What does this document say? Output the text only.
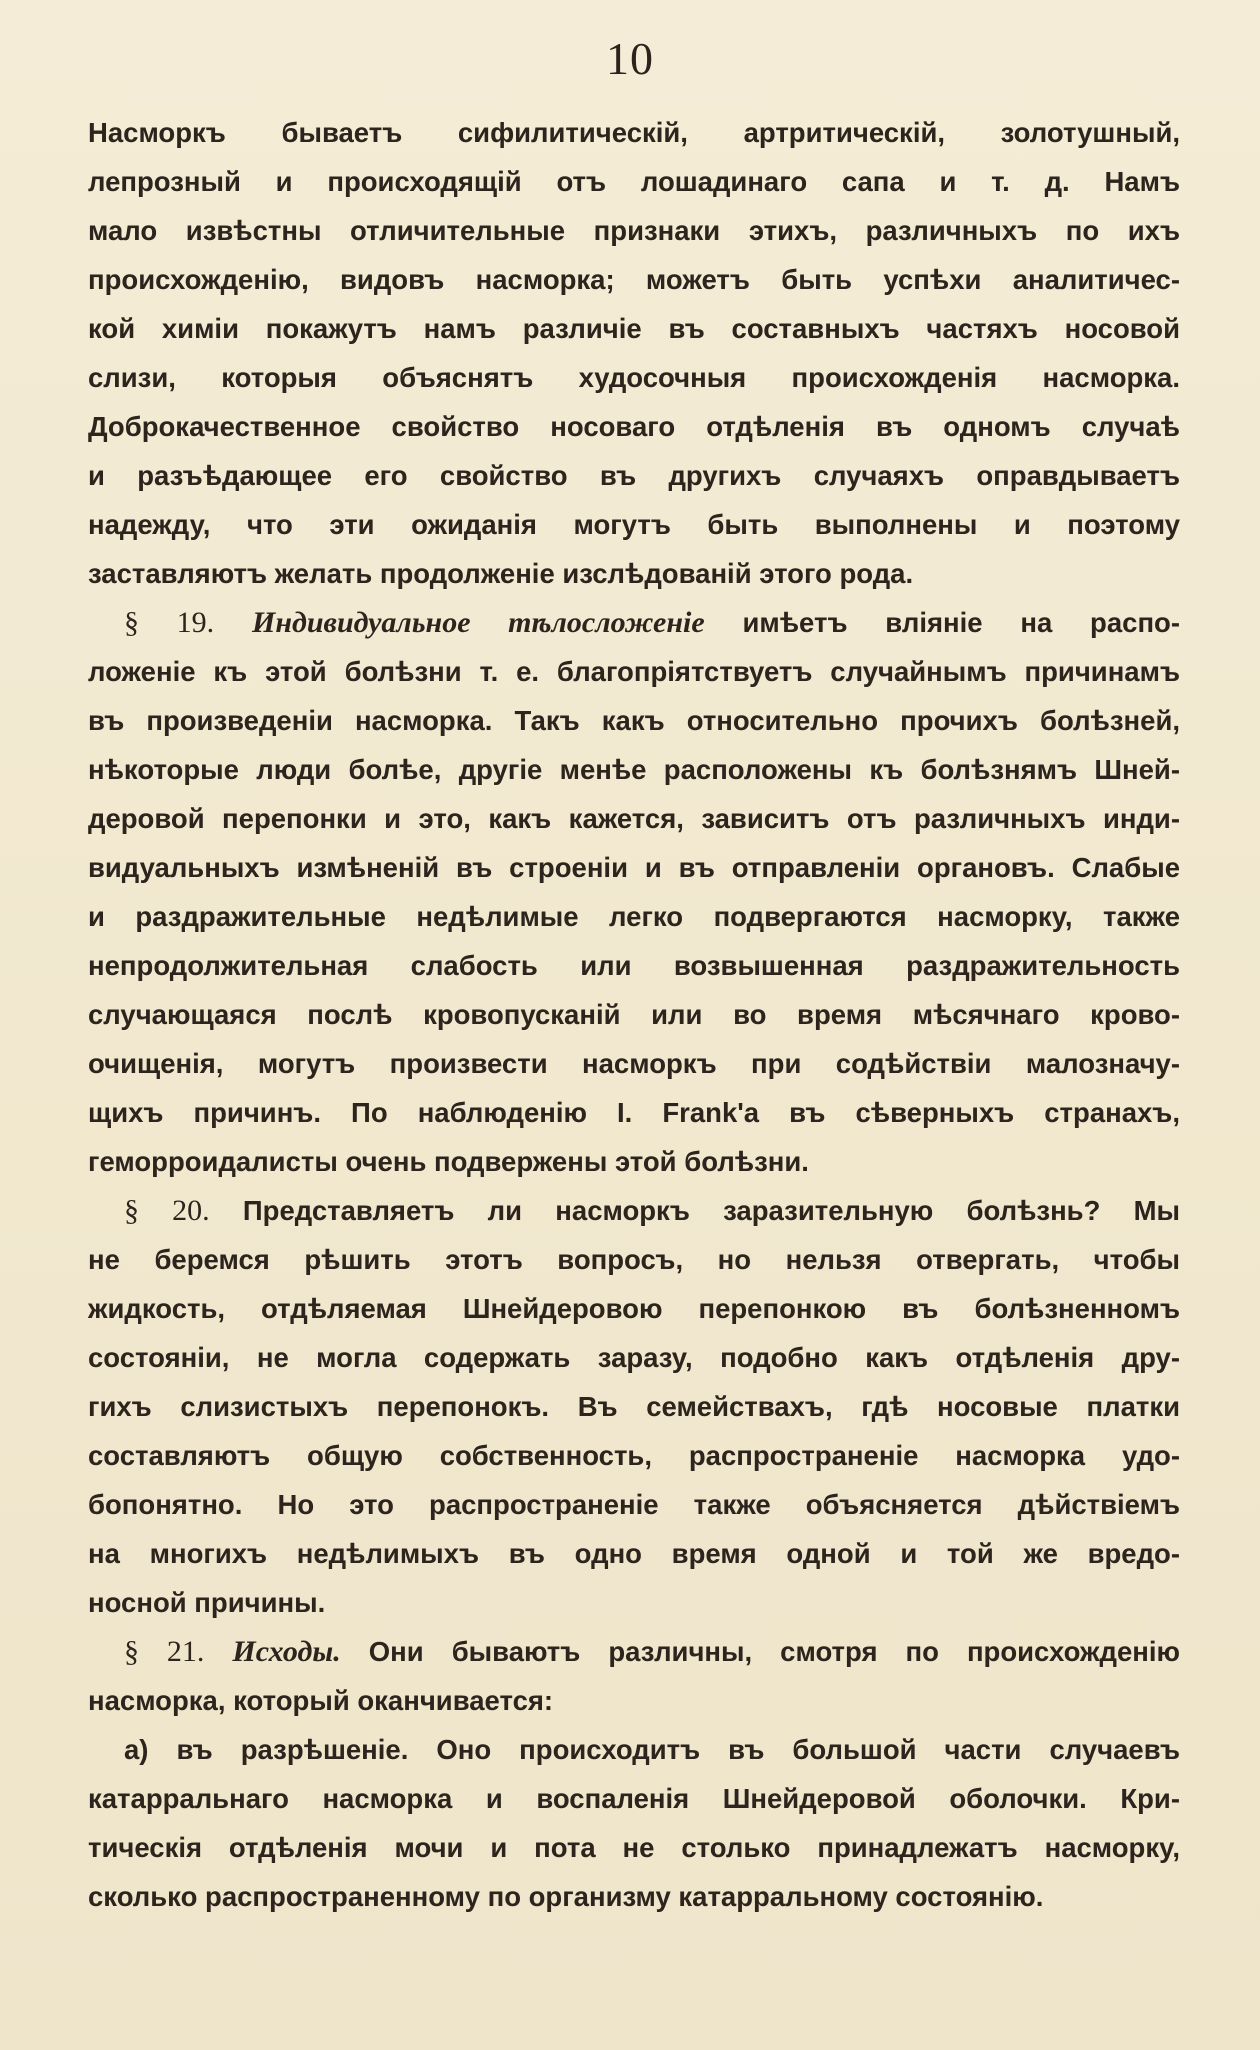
10
Насморкъ бываетъ сифилитическій, артритическій, золотушный,
лепрозный и происходящій отъ лошадинаго сапа и т. д. Намъ
мало извѣстны отличительные признаки этихъ, различныхъ по ихъ
происхожденію, видовъ насморка; можетъ быть успѣхи аналитичес-
кой химіи покажутъ намъ различіе въ составныхъ частяхъ носовой
слизи, которыя объяснятъ худосочныя происхожденія насморка.
Доброкачественное свойство носоваго отдѣленія въ одномъ случаѣ
и разъѣдающее его свойство въ другихъ случаяхъ оправдываетъ
надежду, что эти ожиданія могутъ быть выполнены и поэтому
заставляютъ желать продолженіе изслѣдованій этого рода.
§ 19. Индивидуальное тѣлосложеніе имѣетъ вліяніе на распо-
ложеніе къ этой болѣзни т. е. благопріятствуетъ случайнымъ причинамъ
въ произведеніи насморка. Такъ какъ относительно прочихъ болѣзней,
нѣкоторые люди болѣе, другіе менѣе расположены къ болѣзнямъ Шней-
деровой перепонки и это, какъ кажется, зависитъ отъ различныхъ инди-
видуальныхъ измѣненій въ строеніи и въ отправленіи органовъ. Слабые
и раздражительные недѣлимые легко подвергаются насморку, также
непродолжительная слабость или возвышенная раздражительность
случающаяся послѣ кровопусканій или во время мѣсячнаго крово-
очищенія, могутъ произвести насморкъ при содѣйствіи малозначу-
щихъ причинъ. По наблюденію I. Frank'а въ сѣверныхъ странахъ,
геморроидалисты очень подвержены этой болѣзни.
§ 20. Представляетъ ли насморкъ заразительную болѣзнь? Мы
не беремся рѣшить этотъ вопросъ, но нельзя отвергать, чтобы
жидкость, отдѣляемая Шнейдеровою перепонкою въ болѣзненномъ
состояніи, не могла содержать заразу, подобно какъ отдѣленія дру-
гихъ слизистыхъ перепонокъ. Въ семействахъ, гдѣ носовые платки
составляютъ общую собственность, распространеніе насморка удо-
бопонятно. Но это распространеніе также объясняется дѣйствіемъ
на многихъ недѣлимыхъ въ одно время одной и той же вредо-
носной причины.
§ 21. Исходы. Они бываютъ различны, смотря по происхожденію
насморка, который оканчивается:
а) въ разрѣшеніе. Оно происходитъ въ большой части случаевъ
катарральнаго насморка и воспаленія Шнейдеровой оболочки. Кри-
тическія отдѣленія мочи и пота не столько принадлежатъ насморку,
сколько распространенному по организму катарральному состоянію.
